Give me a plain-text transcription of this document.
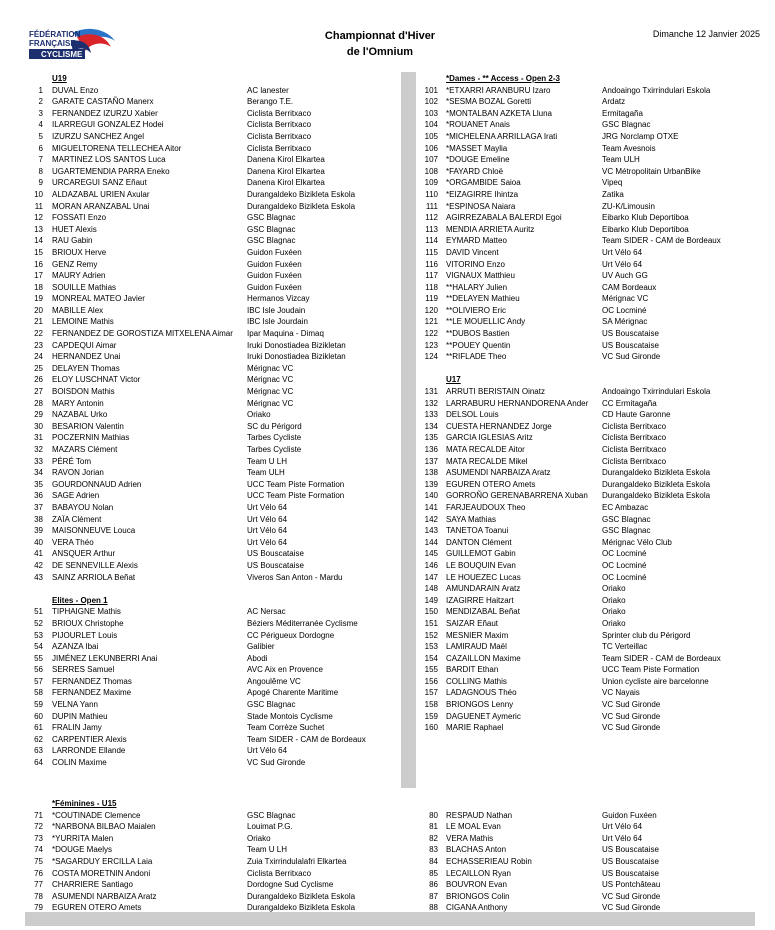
FÉDÉRATION
FRANÇAISE
CYCLISME
Championnat d'Hiver
de l'Omnium
Dimanche 12 Janvier 2025
U19
1 DUVAL Enzo	AC lanester
2 GARATE CASTAÑO Manerx	Berango T.E.
3 FERNANDEZ IZURZU Xabier	Ciclista Berritxaco
4 ILARREGUI GONZALEZ Hodei	Ciclista Berritxaco
5 IZURZU SANCHEZ Angel	Ciclista Berritxaco
6 MIGUELTORENA TELLECHEA Aitor	Ciclista Berritxaco
7 MARTINEZ LOS SANTOS Luca	Danena Kirol Elkartea
8 UGARTEMENDIA PARRA Eneko	Danena Kirol Elkartea
9 URCAREGUI SANZ Eñaut	Danena Kirol Elkartea
10 ALDAZABAL URIEN Axular	Durangaldeko Bizikleta Eskola
11 MORAN ARANZABAL Unai	Durangaldeko Bizikleta Eskola
12 FOSSATI Enzo	GSC Blagnac
13 HUET Alexis	GSC Blagnac
14 RAU Gabin	GSC Blagnac
15 BRIOUX Herve	Guidon Fuxéen
16 GENZ Remy	Guidon Fuxéen
17 MAURY Adrien	Guidon Fuxéen
18 SOUILLE Mathias	Guidon Fuxéen
19 MONREAL MATEO Javier	Hermanos Vizcay
20 MABILLE Alex	IBC Isle Joudain
21 LEMOINE Mathis	IBC Isle Jourdain
22 FERNANDEZ DE GOROSTIZA MITXELENA Aimar	Ipar Maquina - Dimaq
23 CAPDEQUI Aimar	Iruki Donostiadea Bizikletan
24 HERNANDEZ Unai	Iruki Donostiadea Bizikletan
25 DELAYEN Thomas	Mérignac VC
26 ELOY LUSCHNAT Victor	Mérignac VC
27 BOISDON Mathis	Mérignac VC
28 MARY Antonin	Mérignac VC
29 NAZABAL Urko	Oriako
30 BESARION Valentin	SC du Périgord
31 POCZERNIN Mathias	Tarbes Cycliste
32 MAZARS Clément	Tarbes Cycliste
33 PÉRÉ Tom	Team U LH
34 RAVON Jorian	Team ULH
35 GOURDONNAUD Adrien	UCC Team Piste Formation
36 SAGE Adrien	UCC Team Piste Formation
37 BABAYOU Nolan	Urt Vélo 64
38 ZAÏA Clément	Urt Vélo 64
39 MAISONNEUVE Louca	Urt Vélo 64
40 VERA Théo	Urt Vélo 64
41 ANSQUER Arthur	US Bouscataise
42 DE SENNEVILLE Alexis	US Bouscataise
43 SAINZ ARRIOLA Beñat	Viveros San Anton - Mardu
Elites - Open 1
51 TIPHAIGNE Mathis	AC Nersac
52 BRIOUX Christophe	Béziers Méditerranée Cyclisme
53 PIJOURLET Louis	CC Périgueux Dordogne
54 AZANZA Ibai	Galibier
55 JIMÉNEZ LEKUNBERRI Anai	Abodi
56 SERRES Samuel	AVC Aix en Provence
57 FERNANDEZ Thomas	Angoulême VC
58 FERNANDEZ Maxime	Apogé Charente Maritime
59 VELNA Yann	GSC Blagnac
60 DUPIN Mathieu	Stade Montois Cyclisme
61 FRALIN Jamy	Team Corrèze Suchet
62 CARPENTIER Alexis	Team SIDER - CAM de Bordeaux
63 LARRONDE Ellande	Urt Vélo 64
64 COLIN Maxime	VC Sud Gironde
*Dames - ** Access - Open 2-3
101 *ETXARRI ARANBURU Izaro	Andoaingo Txirrindulari Eskola
102 *SESMA BOZAL Goretti	Ardatz
103 *MONTALBAN AZKETA Lluna	Ermitagaña
104 *ROUANET Anais	GSC Blagnac
105 *MICHELENA ARRILLAGA Irati	JRG Norclamp OTXE
106 *MASSET Maylia	Team Avesnois
107 *DOUGE Emeline	Team ULH
108 *FAYARD Chloë	VC Métropolitain UrbanBike
109 *ORGAMBIDE Saioa	Vipeq
110 *EIZAGIRRE Ihintza	Zatika
111 *ESPINOSA Naiara	ZU-K/Limousin
112 AGIRREZABALA BALERDI Egoi	Eibarko Klub Deportiboa
113 MENDIA ARRIETA Auritz	Eibarko Klub Deportiboa
114 EYMARD Matteo	Team SIDER - CAM de Bordeaux
115 DAVID Vincent	Urt Vélo 64
116 VITORINO Enzo	Urt Vélo 64
117 VIGNAUX Matthieu	UV Auch GG
118 **HALARY Julien	CAM Bordeaux
119 **DELAYEN Mathieu	Mérignac VC
120 **OLIVIERO Eric	OC Locminé
121 **LE MOUELLIC Andy	SA Mérignac
122 **DUBOS Bastien	US Bouscataise
123 **POUEY Quentin	US Bouscataise
124 **RIFLADE Theo	VC Sud Gironde
U17
131 ARRUTI BERISTAIN Oinatz	Andoaingo Txirrindulari Eskola
132 LARRABURU HERNANDORENA Ander	CC Ermitagaña
133 DELSOL Louis	CD Haute Garonne
134 CUESTA HERNANDEZ Jorge	Ciclista Berritxaco
135 GARCIA IGLESIAS Aritz	Ciclista Berritxaco
136 MATA RECALDE Aitor	Ciclista Berritxaco
137 MATA RECALDE Mikel	Ciclista Berritxaco
138 ASUMENDI NARBAIZA Aratz	Durangaldeko Bizikleta Eskola
139 EGUREN OTERO Amets	Durangaldeko Bizikleta Eskola
140 GORROÑO GERENABARRENA Xuban	Durangaldeko Bizikleta Eskola
141 FARJEAUDOUX Theo	EC Ambazac
142 SAYA Mathias	GSC Blagnac
143 TANETOA Toanui	GSC Blagnac
144 DANTON Clément	Mérignac Vélo Club
145 GUILLEMOT Gabin	OC Locminé
146 LE BOUQUIN Evan	OC Locminé
147 LE HOUEZEC Lucas	OC Locminé
148 AMUNDARAIN Aratz	Oriako
149 IZAGIRRE Haitzart	Oriako
150 MENDIZABAL Beñat	Oriako
151 SAIZAR Eñaut	Oriako
152 MESNIER Maxim	Sprinter club du Périgord
153 LAMIRAUD Maël	TC Verteillac
154 CAZAILLON Maxime	Team SIDER - CAM de Bordeaux
155 BARDIT Ethan	UCC Team Piste Formation
156 COLLING Mathis	Union cycliste aire barcelonne
157 LADAGNOUS Théo	VC Nayais
158 BRIONGOS Lenny	VC Sud Gironde
159 DAGUENET Aymeric	VC Sud Gironde
160 MARIE Raphael	VC Sud Gironde
*Féminines - U15
71 *COUTINADE Clemence	GSC Blagnac
72 *NARBONA BILBAO Maialen	Louimat P.G.
73 *YURRITA Malen	Oriako
74 *DOUGE Maelys	Team U LH
75 *SAGARDUY ERCILLA Laia	Zuia Txirrindulalafri Elkartea
76 COSTA MORETNIN Andoni	Ciclista Berritxaco
77 CHARRIERE Santiago	Dordogne Sud Cyclisme
78 ASUMENDI NARBAIZA Aratz	Durangaldeko Bizikleta Eskola
79 EGUREN OTERO Amets	Durangaldeko Bizikleta Eskola
80 RESPAUD Nathan	Guidon Fuxéen
81 LE MOAL Evan	Urt Vélo 64
82 VERA Mathis	Urt Vélo 64
83 BLACHAS Anton	US Bouscataise
84 ECHASSERIEAU Robin	US Bouscataise
85 LECAILLON Ryan	US Bouscataise
86 BOUVRON Evan	US Pontchâteau
87 BRIONGOS Colin	VC Sud Gironde
88 CIGANA Anthony	VC Sud Gironde
